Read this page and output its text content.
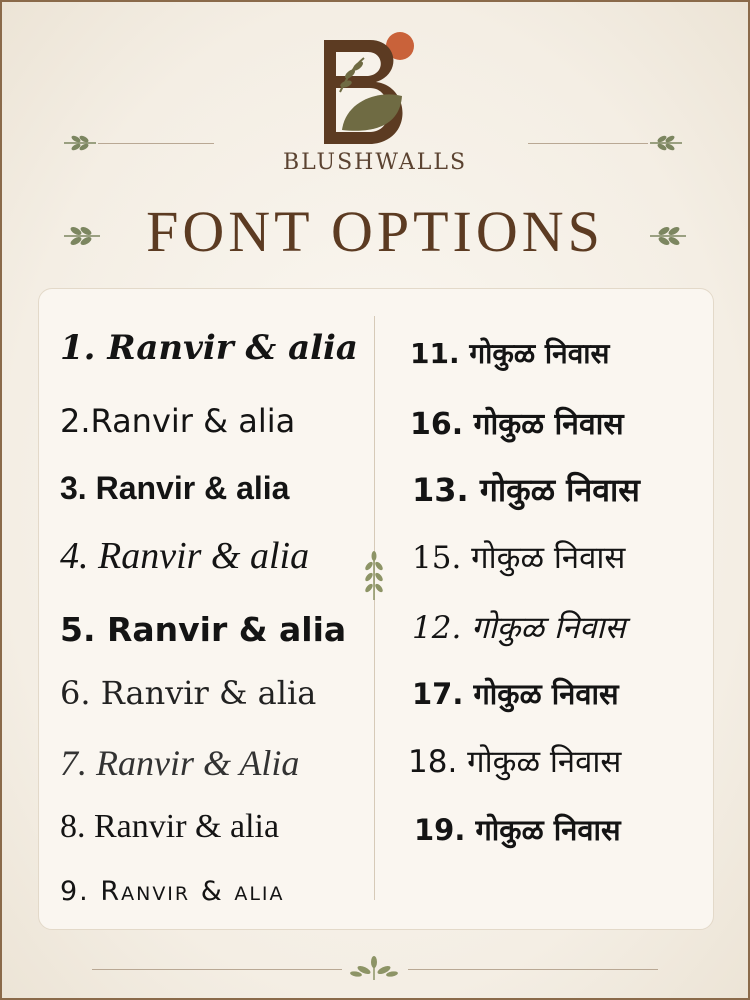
BLUSHWALLS
FONT OPTIONS
1. Ranvir & alia
2.Ranvir & alia
3. Ranvir & alia
4. Ranvir & alia
5. Ranvir & alia
6. Ranvir & alia
7. Ranvir & Alia
8. Ranvir & alia
9. Ranvir & alia
11. गोकुळ निवास
16. गोकुळ निवास
13. गोकुळ निवास
15. गोकुळ निवास
12. गोकुळ निवास
17. गोकुळ निवास
18. गोकुळ निवास
19. गोकुळ निवास
